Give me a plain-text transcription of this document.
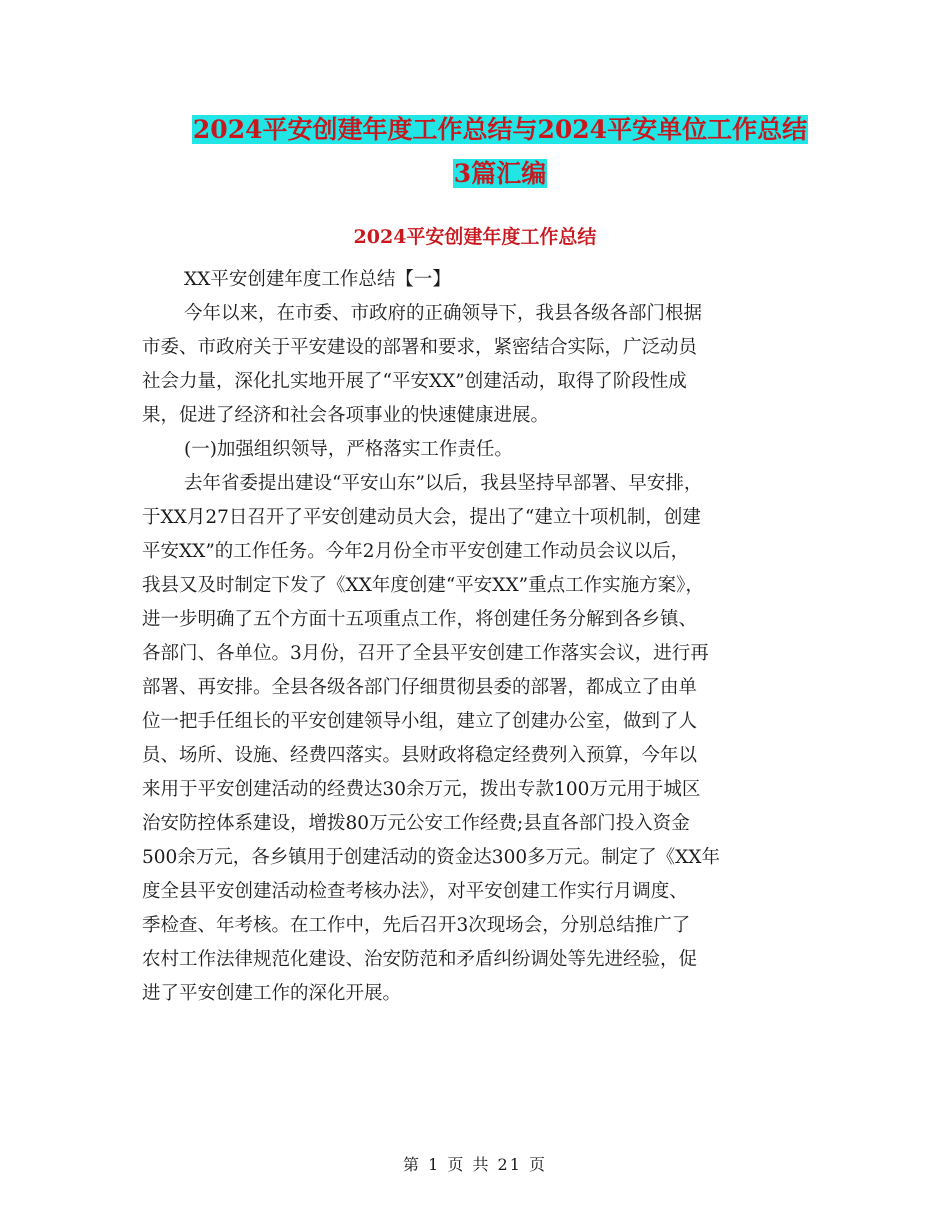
2024平安创建年度工作总结与2024平安单位工作总结
3篇汇编
2024平安创建年度工作总结
XX平安创建年度工作总结【一】
今年以来，在市委、市政府的正确领导下，我县各级各部门根据
市委、市政府关于平安建设的部署和要求，紧密结合实际，广泛动员
社会力量，深化扎实地开展了“平安XX”创建活动，取得了阶段性成
果，促进了经济和社会各项事业的快速健康进展。
(一)加强组织领导，严格落实工作责任。
去年省委提出建设“平安山东”以后，我县坚持早部署、早安排，
于XX月27日召开了平安创建动员大会，提出了“建立十项机制，创建
平安XX”的工作任务。今年2月份全市平安创建工作动员会议以后，
我县又及时制定下发了《XX年度创建“平安XX”重点工作实施方案》，
进一步明确了五个方面十五项重点工作，将创建任务分解到各乡镇、
各部门、各单位。3月份，召开了全县平安创建工作落实会议，进行再
部署、再安排。全县各级各部门仔细贯彻县委的部署，都成立了由单
位一把手任组长的平安创建领导小组，建立了创建办公室，做到了人
员、场所、设施、经费四落实。县财政将稳定经费列入预算，今年以
来用于平安创建活动的经费达30余万元，拨出专款100万元用于城区
治安防控体系建设，增拨80万元公安工作经费;县直各部门投入资金
500余万元，各乡镇用于创建活动的资金达300多万元。制定了《XX年
度全县平安创建活动检查考核办法》，对平安创建工作实行月调度、
季检查、年考核。在工作中，先后召开3次现场会，分别总结推广了
农村工作法律规范化建设、治安防范和矛盾纠纷调处等先进经验，促
进了平安创建工作的深化开展。
第 1 页 共 21 页
